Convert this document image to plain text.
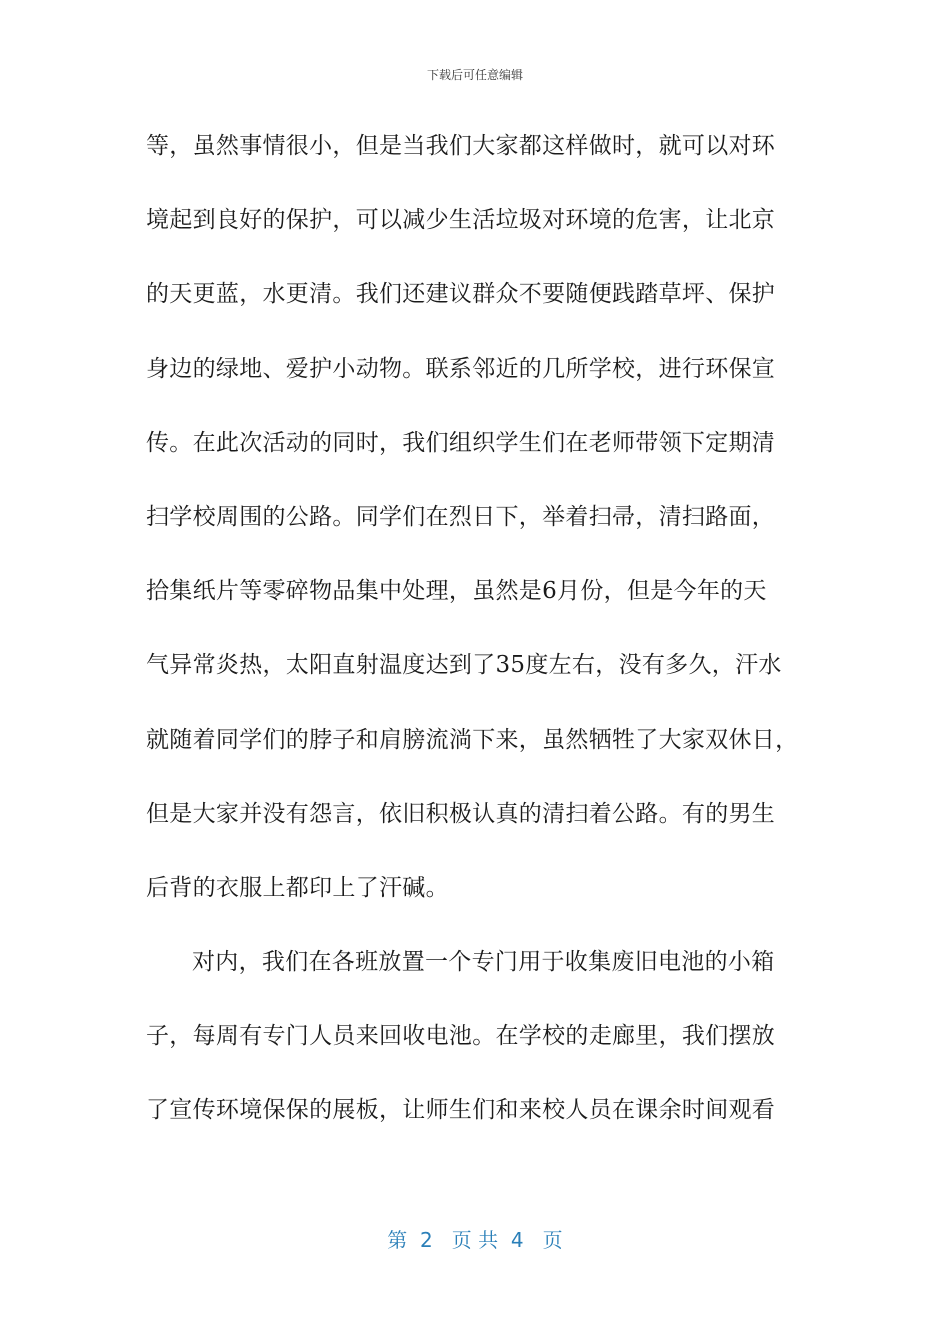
下载后可任意编辑
等，虽然事情很小，但是当我们大家都这样做时，就可以对环
境起到良好的保护，可以减少生活垃圾对环境的危害，让北京
的天更蓝，水更清。我们还建议群众不要随便践踏草坪、保护
身边的绿地、爱护小动物。联系邻近的几所学校，进行环保宣
传。在此次活动的同时，我们组织学生们在老师带领下定期清
扫学校周围的公路。同学们在烈日下，举着扫帚，清扫路面，
拾集纸片等零碎物品集中处理，虽然是6月份，但是今年的天
气异常炎热，太阳直射温度达到了35度左右，没有多久，汗水
就随着同学们的脖子和肩膀流淌下来，虽然牺牲了大家双休日，
但是大家并没有怨言，依旧积极认真的清扫着公路。有的男生
后背的衣服上都印上了汗碱。
对内，我们在各班放置一个专门用于收集废旧电池的小箱
子，每周有专门人员来回收电池。在学校的走廊里，我们摆放
了宣传环境保保的展板，让师生们和来校人员在课余时间观看
第  2   页 共  4   页
